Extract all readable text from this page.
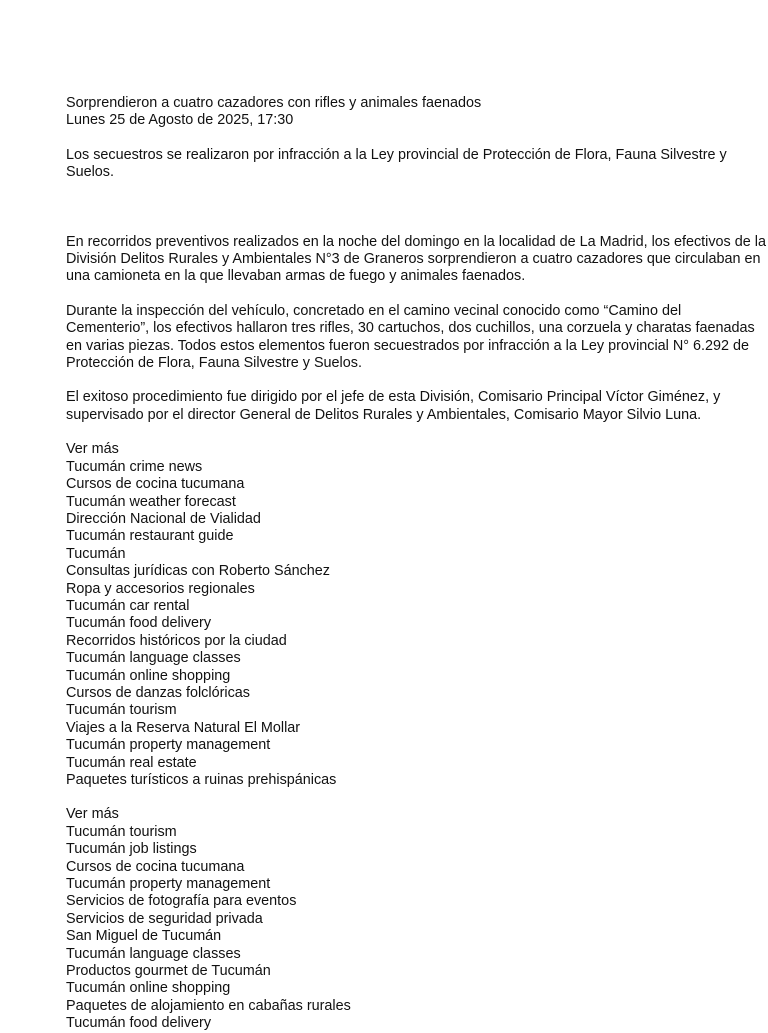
Sorprendieron a cuatro cazadores con rifles y animales faenados

Lunes 25 de Agosto de 2025, 17:30

Los secuestros se realizaron por infracción a la Ley provincial de Protección de Flora, Fauna Silvestre y Suelos.

En recorridos preventivos realizados en la noche del domingo en la localidad de La Madrid, los efectivos de la División Delitos Rurales y Ambientales N°3 de Graneros sorprendieron a cuatro cazadores que circulaban en una camioneta en la que llevaban armas de fuego y animales faenados.

Durante la inspección del vehículo, concretado en el camino vecinal conocido como “Camino del Cementerio”, los efectivos hallaron tres rifles, 30 cartuchos, dos cuchillos, una corzuela y charatas faenadas en varias piezas. Todos estos elementos fueron secuestrados por infracción a la Ley provincial N° 6.292 de Protección de Flora, Fauna Silvestre y Suelos.

El exitoso procedimiento fue dirigido por el jefe de esta División, Comisario Principal Víctor Giménez, y supervisado por el director General de Delitos Rurales y Ambientales, Comisario Mayor Silvio Luna.

Ver más

Tucumán crime news
Cursos de cocina tucumana
Tucumán weather forecast
Dirección Nacional de Vialidad
Tucumán restaurant guide
Tucumán
Consultas jurídicas con Roberto Sánchez
Ropa y accesorios regionales
Tucumán car rental
Tucumán food delivery
Recorridos históricos por la ciudad
Tucumán language classes
Tucumán online shopping
Cursos de danzas folclóricas
Tucumán tourism
Viajes a la Reserva Natural El Mollar
Tucumán property management
Tucumán real estate
Paquetes turísticos a ruinas prehispánicas

Ver más

Tucumán tourism
Tucumán job listings
Cursos de cocina tucumana
Tucumán property management
Servicios de fotografía para eventos
Servicios de seguridad privada
San Miguel de Tucumán
Tucumán language classes
Productos gourmet de Tucumán
Tucumán online shopping
Paquetes de alojamiento en cabañas rurales
Tucumán food delivery
